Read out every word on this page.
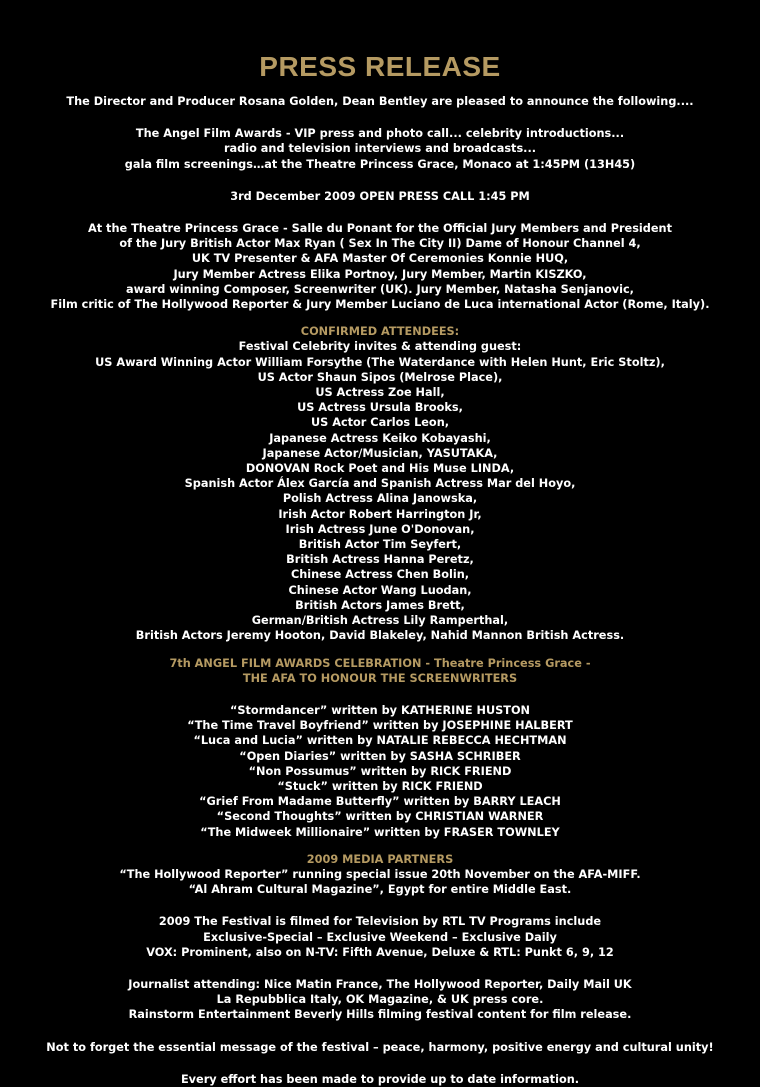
PRESS RELEASE
The Director and Producer Rosana Golden, Dean Bentley are pleased to announce the following....
The Angel Film Awards - VIP press and photo call... celebrity introductions...
radio and television interviews and broadcasts...
gala film screenings…at the Theatre Princess Grace, Monaco at 1:45PM (13H45)
3rd December 2009 OPEN PRESS CALL 1:45 PM
At the Theatre Princess Grace - Salle du Ponant for the Official Jury Members and President
of the Jury British Actor Max Ryan ( Sex In The City II) Dame of Honour Channel 4,
UK TV Presenter & AFA Master Of Ceremonies Konnie HUQ,
Jury Member Actress Elika Portnoy, Jury Member, Martin KISZKO,
award winning Composer, Screenwriter (UK). Jury Member, Natasha Senjanovic,
Film critic of The Hollywood Reporter & Jury Member Luciano de Luca international Actor (Rome, Italy).
CONFIRMED ATTENDEES:
Festival Celebrity invites & attending guest:
US Award Winning Actor William Forsythe (The Waterdance with Helen Hunt, Eric Stoltz),
US Actor Shaun Sipos (Melrose Place),
US Actress Zoe Hall,
US Actress Ursula Brooks,
US Actor Carlos Leon,
Japanese Actress Keiko Kobayashi,
Japanese Actor/Musician, YASUTAKA,
DONOVAN Rock Poet and His Muse LINDA,
Spanish Actor Álex García and Spanish Actress Mar del Hoyo,
Polish Actress Alina Janowska,
Irish Actor Robert Harrington Jr,
Irish Actress June O'Donovan,
British Actor Tim Seyfert,
British Actress Hanna Peretz,
Chinese Actress Chen Bolin,
Chinese Actor Wang Luodan,
British Actors James Brett,
German/British Actress Lily Ramperthal,
British Actors Jeremy Hooton, David Blakeley, Nahid Mannon British Actress.
7th ANGEL FILM AWARDS CELEBRATION - Theatre Princess Grace -
THE AFA TO HONOUR THE SCREENWRITERS
“Stormdancer” written by KATHERINE HUSTON
“The Time Travel Boyfriend” written by JOSEPHINE HALBERT
“Luca and Lucia” written by NATALIE REBECCA HECHTMAN
“Open Diaries” written by SASHA SCHRIBER
“Non Possumus” written by RICK FRIEND
“Stuck” written by RICK FRIEND
“Grief From Madame Butterfly” written by BARRY LEACH
“Second Thoughts” written by CHRISTIAN WARNER
“The Midweek Millionaire” written by FRASER TOWNLEY
2009 MEDIA PARTNERS
“The Hollywood Reporter” running special issue 20th November on the AFA-MIFF.
“Al Ahram Cultural Magazine”, Egypt for entire Middle East.
2009 The Festival is filmed for Television by RTL TV Programs include
Exclusive-Special – Exclusive Weekend – Exclusive Daily
VOX: Prominent, also on N-TV: Fifth Avenue, Deluxe & RTL: Punkt 6, 9, 12
Journalist attending: Nice Matin France, The Hollywood Reporter, Daily Mail UK
La Repubblica Italy, OK Magazine, & UK press core.
Rainstorm Entertainment Beverly Hills filming festival content for film release.
Not to forget the essential message of the festival – peace, harmony, positive energy and cultural unity!
Every effort has been made to provide up to date information.
